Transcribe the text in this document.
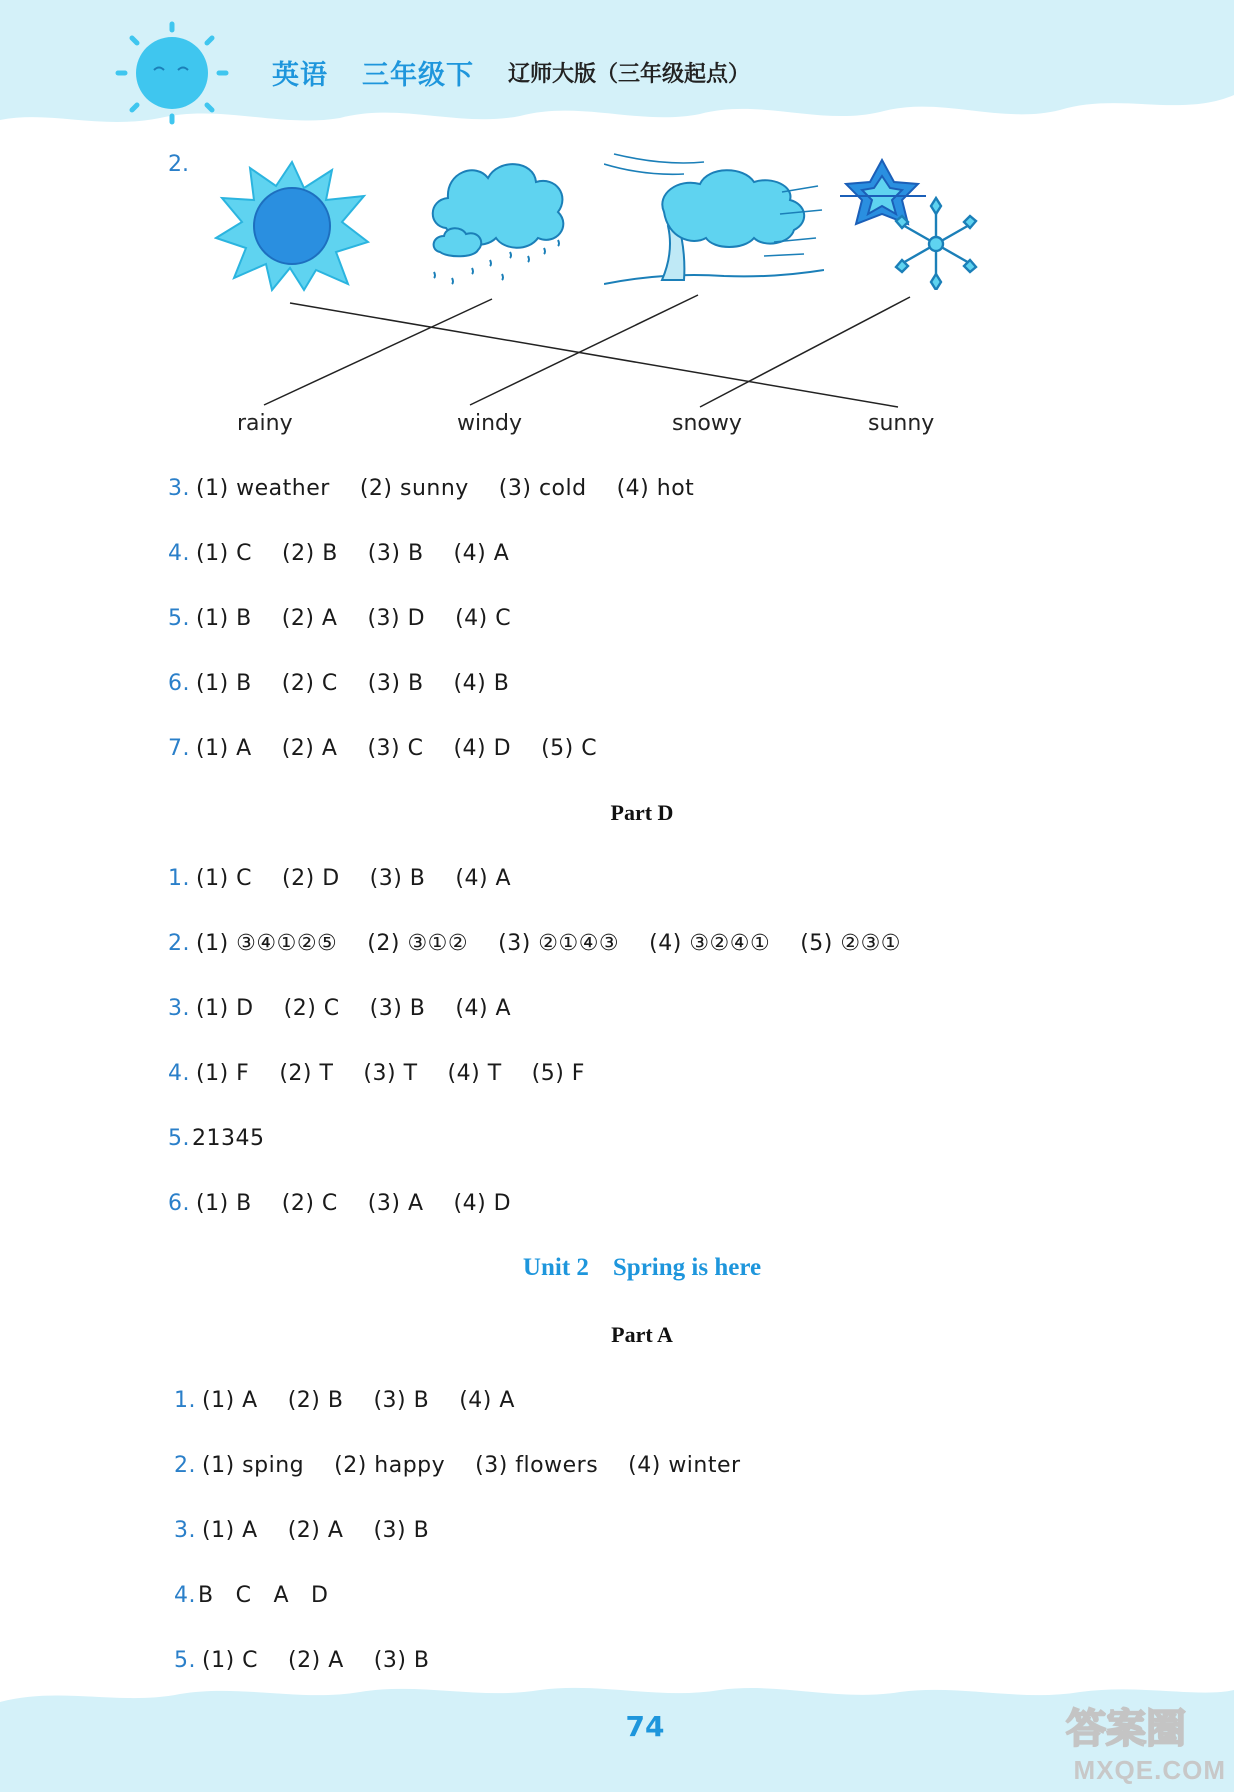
英语 三年级下 辽师大版（三年级起点）
2.
rainy	windy	snowy	sunny
3. (1) weather (2) sunny (3) cold (4) hot
4. (1) C (2) B (3) B (4) A
5. (1) B (2) A (3) D (4) C
6. (1) B (2) C (3) B (4) B
7. (1) A (2) A (3) C (4) D (5) C
Part D
1. (1) C (2) D (3) B (4) A
2. (1) ③④①②⑤ (2) ③①② (3) ②①④③ (4) ③②④① (5) ②③①
3. (1) D (2) C (3) B (4) A
4. (1) F (2) T (3) T (4) T (5) F
5. 21345
6. (1) B (2) C (3) A (4) D
Unit 2 Spring is here
Part A
1. (1) A (2) B (3) B (4) A
2. (1) sping (2) happy (3) flowers (4) winter
3. (1) A (2) A (3) B
4. B C A D
5. (1) C (2) A (3) B
74	答案圈
MXQE.COM
